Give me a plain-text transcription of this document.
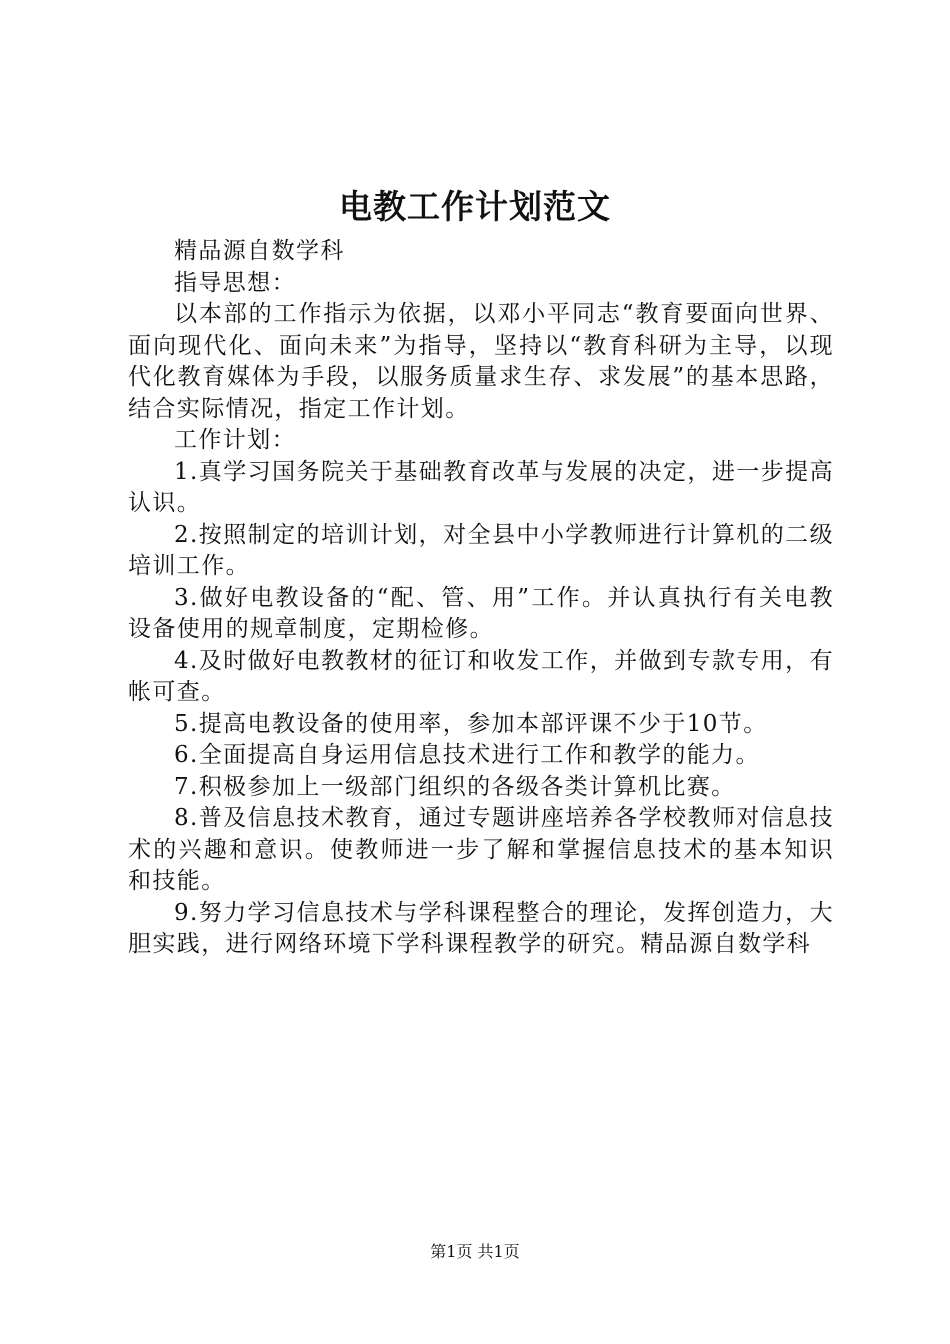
电教工作计划范文

精品源自数学科

指导思想：

以本部的工作指示为依据，以邓小平同志“教育要面向世界、面向现代化、面向未来”为指导，坚持以“教育科研为主导，以现代化教育媒体为手段，以服务质量求生存、求发展”的基本思路，结合实际情况，指定工作计划。

工作计划：

1.真学习国务院关于基础教育改革与发展的决定，进一步提高认识。

2.按照制定的培训计划，对全县中小学教师进行计算机的二级培训工作。

3.做好电教设备的“配、管、用”工作。并认真执行有关电教设备使用的规章制度，定期检修。

4.及时做好电教教材的征订和收发工作，并做到专款专用，有帐可查。

5.提高电教设备的使用率，参加本部评课不少于10节。

6.全面提高自身运用信息技术进行工作和教学的能力。

7.积极参加上一级部门组织的各级各类计算机比赛。

8.普及信息技术教育，通过专题讲座培养各学校教师对信息技术的兴趣和意识。使教师进一步了解和掌握信息技术的基本知识和技能。

9.努力学习信息技术与学科课程整合的理论，发挥创造力，大胆实践，进行网络环境下学科课程教学的研究。精品源自数学科

第1页 共1页
